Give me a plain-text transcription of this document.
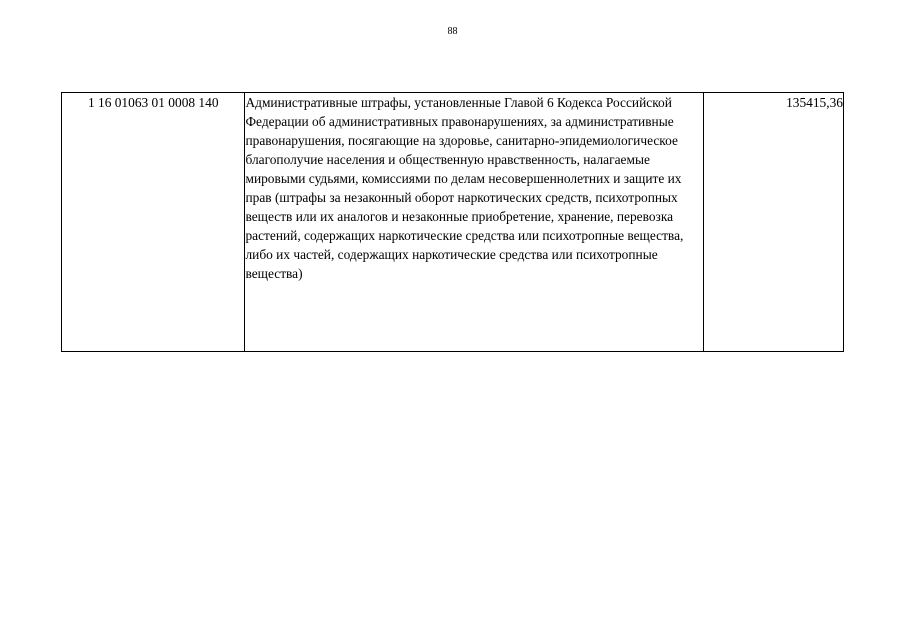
88
1 16 01063 01 0008 140	Административные штрафы, установленные Главой 6 Кодекса Российской Федерации об административных правонарушениях, за административные правонарушения, посягающие на здоровье, санитарно-эпидемиологическое благополучие населения и общественную нравственность, налагаемые мировыми судьями, комиссиями по делам несовершеннолетних и защите их прав (штрафы за незаконный оборот наркотических средств, психотропных веществ или их аналогов и незаконные приобретение, хранение, перевозка растений, содержащих наркотические средства или психотропные вещества, либо их частей, содержащих наркотические средства или психотропные вещества)	135415,36
